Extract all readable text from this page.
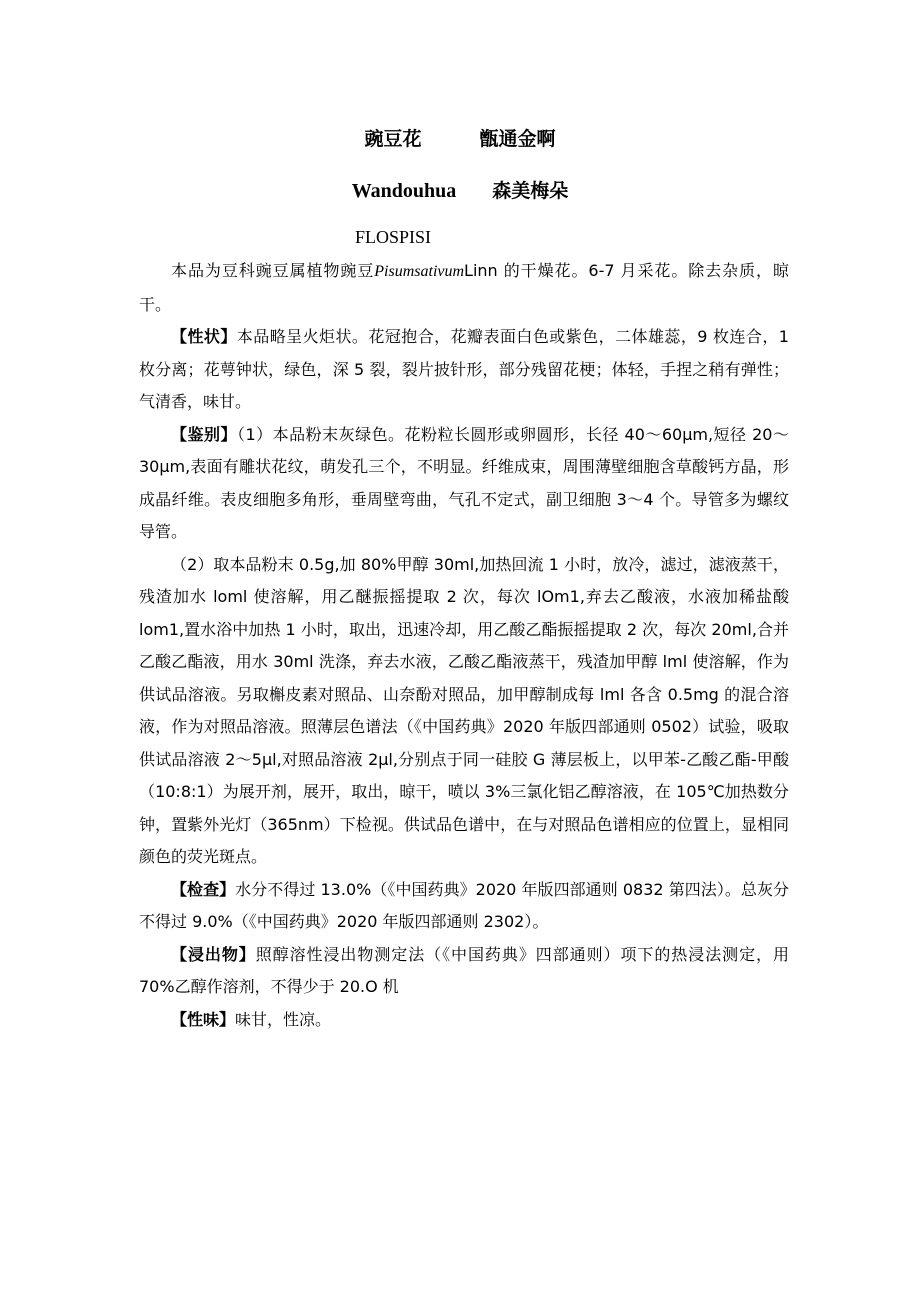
豌豆花	甑通金啊
Wandouhua 森美梅朵
FLOSPISI

本品为豆科豌豆属植物豌豆PisumsativumLinn 的干燥花。6-7 月采花。除去杂质，晾干。

【性状】本品略呈火炬状。花冠抱合，花瓣表面白色或紫色，二体雄蕊，9 枚连合，1 枚分离；花萼钟状，绿色，深 5 裂，裂片披针形，部分残留花梗；体轻，手捏之稍有弹性；气清香，味甘。

【鉴别】（1）本品粉末灰绿色。花粉粒长圆形或卵圆形，长径 40～60μm,短径 20～30μm,表面有雕状花纹，萌发孔三个，不明显。纤维成束，周围薄壁细胞含草酸钙方晶，形成晶纤维。表皮细胞多角形，垂周壁弯曲，气孔不定式，副卫细胞 3～4 个。导管多为螺纹导管。

（2）取本品粉末 0.5g,加 80%甲醇 30ml,加热回流 1 小时，放冷，滤过，滤液蒸干，残渣加水 loml 使溶解，用乙醚振摇提取 2 次，每次 lOm1,弃去乙酸液，水液加稀盐酸 lom1,置水浴中加热 1 小时，取出，迅速冷却，用乙酸乙酯振摇提取 2 次，每次 20ml,合并乙酸乙酯液，用水 30ml 洗涤，弃去水液，乙酸乙酯液蒸干，残渣加甲醇 lml 使溶解，作为供试品溶液。另取槲皮素对照品、山奈酚对照品，加甲醇制成每 lml 各含 0.5mg 的混合溶液，作为对照品溶液。照薄层色谱法（《中国药典》2020 年版四部通则 0502）试验，吸取供试品溶液 2～5μl,对照品溶液 2μl,分别点于同一硅胶 G 薄层板上，以甲苯-乙酸乙酯-甲酸（10:8:1）为展开剂，展开，取出，晾干，喷以 3%三氯化铝乙醇溶液，在 105℃加热数分钟，置紫外光灯（365nm）下检视。供试品色谱中，在与对照品色谱相应的位置上，显相同颜色的荧光斑点。

【检查】水分不得过 13.0%（《中国药典》2020 年版四部通则 0832 第四法）。总灰分不得过 9.0%（《中国药典》2020 年版四部通则 2302）。

【浸出物】照醇溶性浸出物测定法（《中国药典》四部通则）项下的热浸法测定，用 70%乙醇作溶剂，不得少于 20.O 机

【性味】味甘，性凉。
